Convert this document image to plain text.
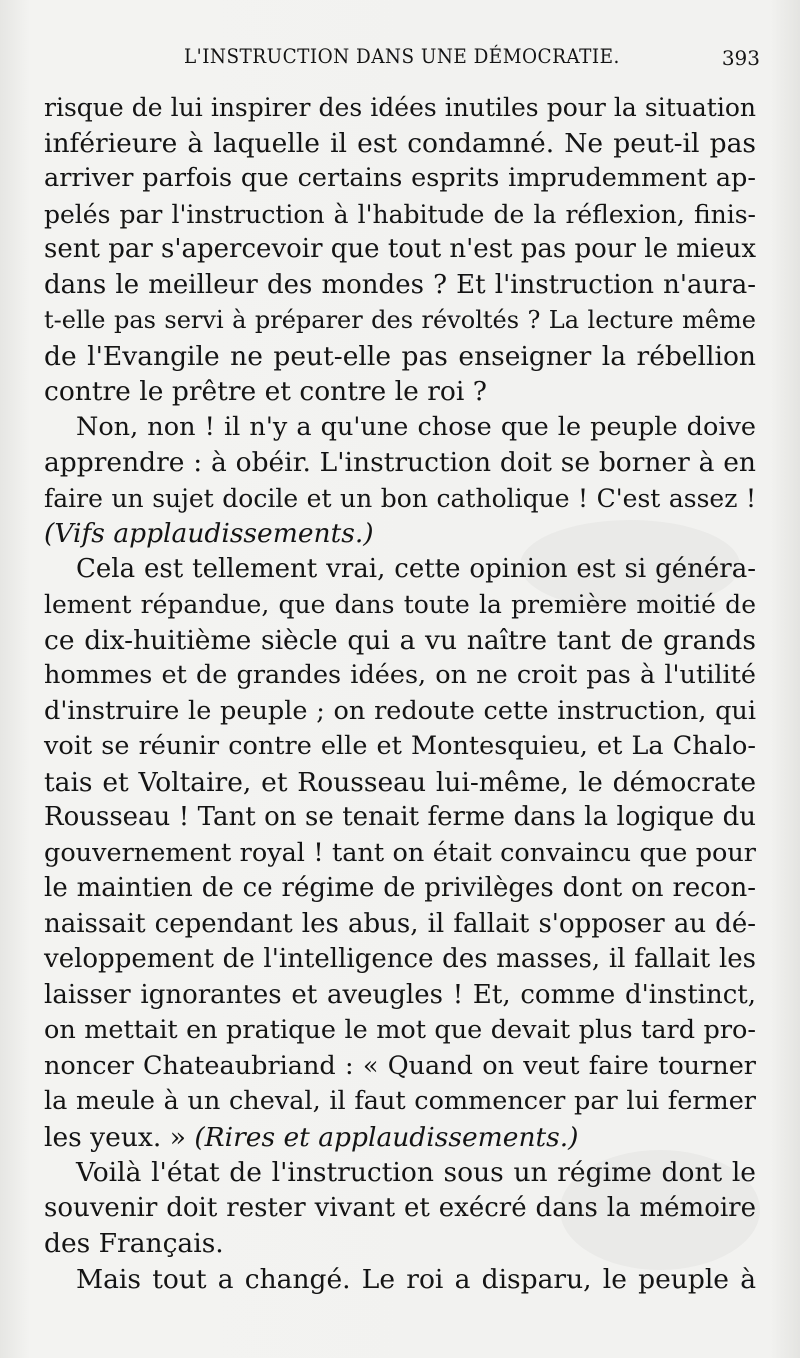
L'INSTRUCTION DANS UNE DÉMOCRATIE.	393
risque de lui inspirer des idées inutiles pour la situation
inférieure à laquelle il est condamné. Ne peut-il pas
arriver parfois que certains esprits imprudemment ap-
pelés par l'instruction à l'habitude de la réflexion, finis-
sent par s'apercevoir que tout n'est pas pour le mieux
dans le meilleur des mondes ? Et l'instruction n'aura-
t-elle pas servi à préparer des révoltés ? La lecture même
de l'Evangile ne peut-elle pas enseigner la rébellion
contre le prêtre et contre le roi ?
Non, non ! il n'y a qu'une chose que le peuple doive
apprendre : à obéir. L'instruction doit se borner à en
faire un sujet docile et un bon catholique ! C'est assez !
(Vifs applaudissements.)
Cela est tellement vrai, cette opinion est si généra-
lement répandue, que dans toute la première moitié de
ce dix-huitième siècle qui a vu naître tant de grands
hommes et de grandes idées, on ne croit pas à l'utilité
d'instruire le peuple ; on redoute cette instruction, qui
voit se réunir contre elle et Montesquieu, et La Chalo-
tais et Voltaire, et Rousseau lui-même, le démocrate
Rousseau ! Tant on se tenait ferme dans la logique du
gouvernement royal ! tant on était convaincu que pour
le maintien de ce régime de privilèges dont on recon-
naissait cependant les abus, il fallait s'opposer au dé-
veloppement de l'intelligence des masses, il fallait les
laisser ignorantes et aveugles ! Et, comme d'instinct,
on mettait en pratique le mot que devait plus tard pro-
noncer Chateaubriand : « Quand on veut faire tourner
la meule à un cheval, il faut commencer par lui fermer
les yeux. » (Rires et applaudissements.)
Voilà l'état de l'instruction sous un régime dont le
souvenir doit rester vivant et exécré dans la mémoire
des Français.
Mais tout a changé. Le roi a disparu, le peuple à
